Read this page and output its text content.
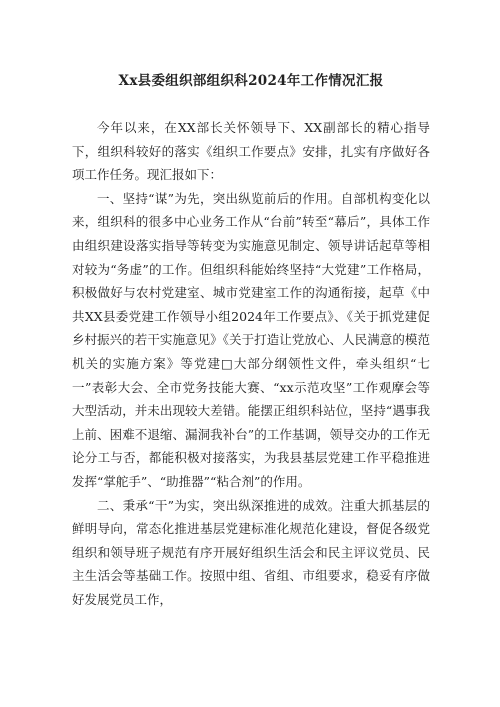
Xx县委组织部组织科2024年工作情况汇报

今年以来，在XX部长关怀领导下、XX副部长的精心指导下，组织科较好的落实《组织工作要点》安排，扎实有序做好各项工作任务。现汇报如下：

一、坚持“谋”为先，突出纵览前后的作用。自部机构变化以来，组织科的很多中心业务工作从“台前”转至“幕后”，具体工作由组织建设落实指导等转变为实施意见制定、领导讲话起草等相对较为“务虚”的工作。但组织科能始终坚持“大党建”工作格局，积极做好与农村党建室、城市党建室工作的沟通衔接，起草《中共XX县委党建工作领导小组2024年工作要点》、《关于抓党建促乡村振兴的若干实施意见》《关于打造让党放心、人民满意的模范机关的实施方案》等党建□大部分纲领性文件，牵头组织“七一”表彰大会、全市党务技能大赛、“xx示范攻坚”工作观摩会等大型活动，并未出现较大差错。能摆正组织科站位，坚持“遇事我上前、困难不退缩、漏洞我补台”的工作基调，领导交办的工作无论分工与否，都能积极对接落实，为我县基层党建工作平稳推进发挥“掌舵手”、“助推器”“粘合剂”的作用。

二、秉承“干”为实，突出纵深推进的成效。注重大抓基层的鲜明导向，常态化推进基层党建标准化规范化建设，督促各级党组织和领导班子规范有序开展好组织生活会和民主评议党员、民主生活会等基础工作。按照中组、省组、市组要求，稳妥有序做好发展党员工作，
